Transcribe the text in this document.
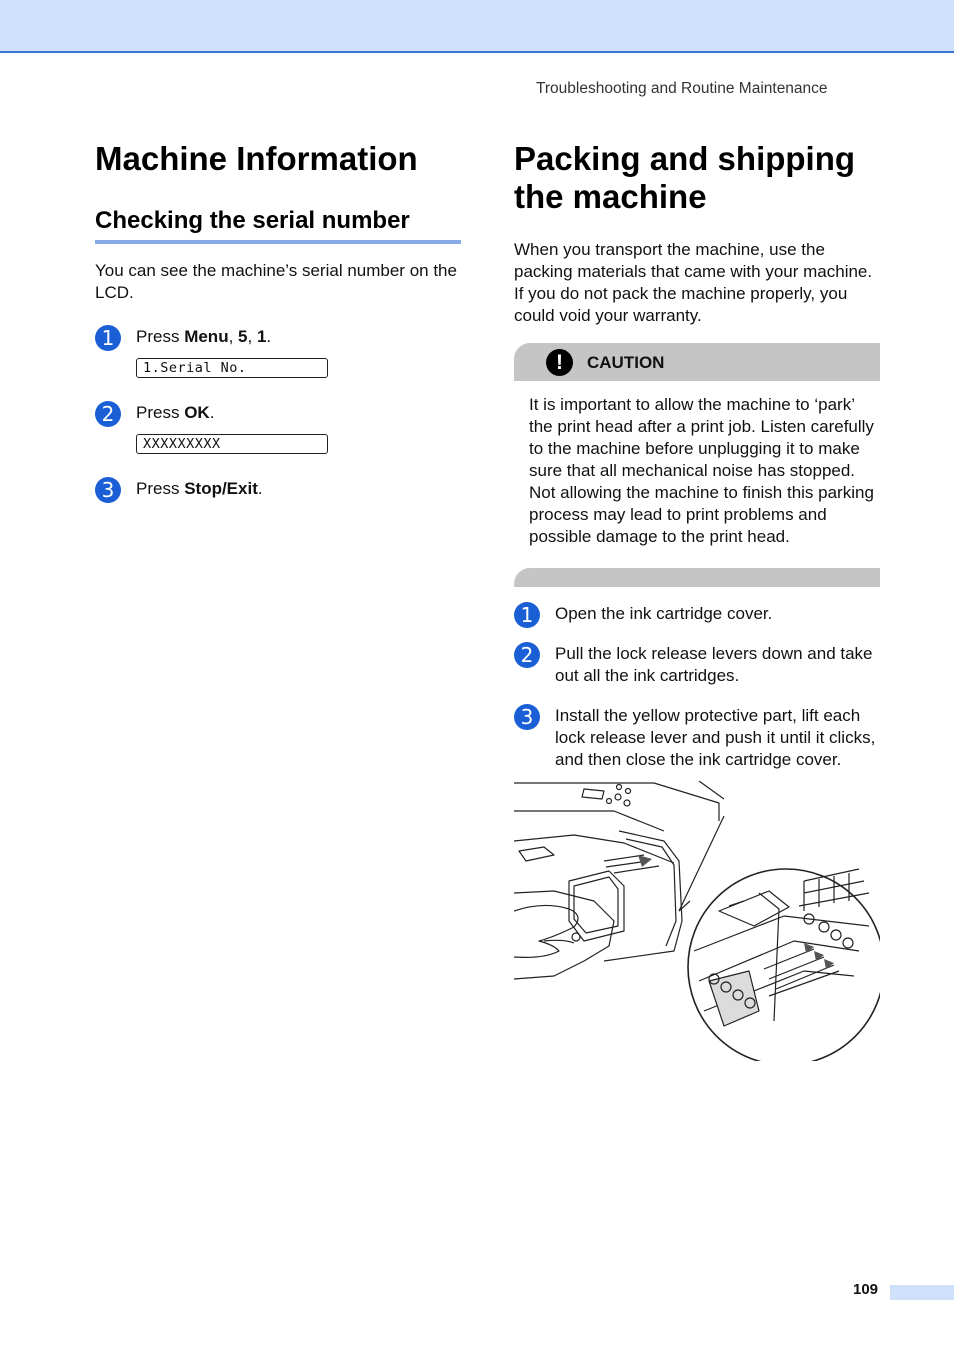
Troubleshooting and Routine Maintenance
Machine Information
Checking the serial number

You can see the machine’s serial number on the LCD.

1	Press Menu, 5, 1.
1.Serial No.
2	Press OK.
XXXXXXXXX
3	Press Stop/Exit.
Packing and shipping
the machine

When you transport the machine, use the packing materials that came with your machine. If you do not pack the machine properly, you could void your warranty.

!	CAUTION
It is important to allow the machine to ‘park’ the print head after a print job. Listen carefully to the machine before unplugging it to make sure that all mechanical noise has stopped. Not allowing the machine to finish this parking process may lead to print problems and possible damage to the print head.
1	Open the ink cartridge cover.
2	Pull the lock release levers down and take out all the ink cartridges.
3	Install the yellow protective part, lift each lock release lever and push it until it clicks, and then close the ink cartridge cover.
109
